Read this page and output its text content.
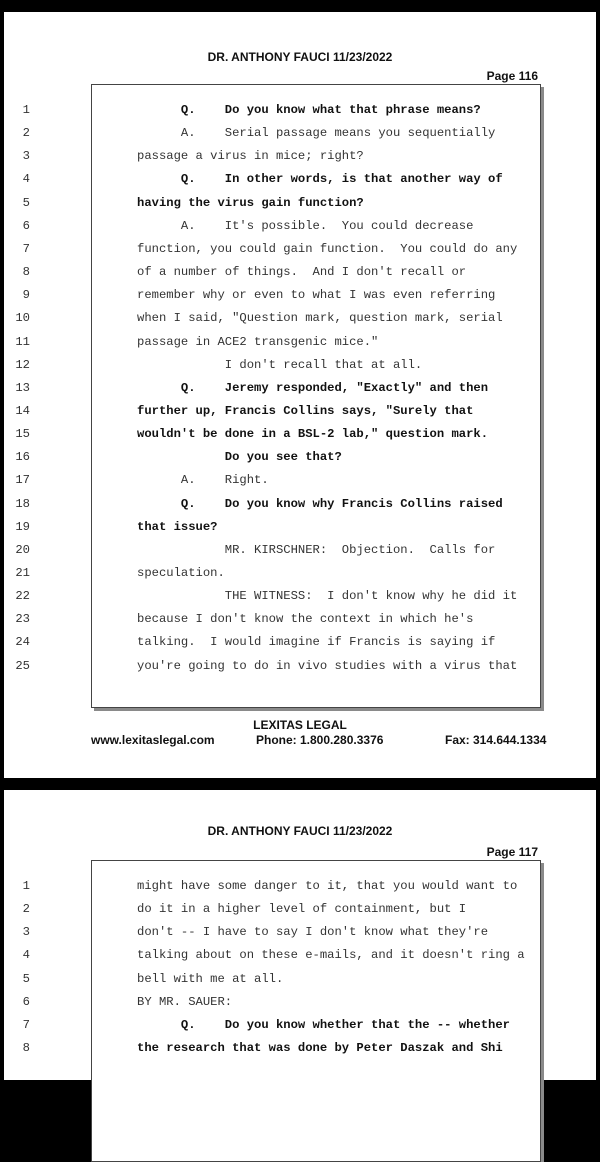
DR. ANTHONY FAUCI 11/23/2022
Page 116
1	Q.    Do you know what that phrase means?
2	A.    Serial passage means you sequentially
3	passage a virus in mice; right?
4	Q.    In other words, is that another way of
5	having the virus gain function?
6	A.    It's possible.  You could decrease
7	function, you could gain function.  You could do any
8	of a number of things.  And I don't recall or
9	remember why or even to what I was even referring
10	when I said, "Question mark, question mark, serial
11	passage in ACE2 transgenic mice."
12	I don't recall that at all.
13	Q.    Jeremy responded, "Exactly" and then
14	further up, Francis Collins says, "Surely that
15	wouldn't be done in a BSL-2 lab," question mark.
16	Do you see that?
17	A.    Right.
18	Q.    Do you know why Francis Collins raised
19	that issue?
20	MR. KIRSCHNER:  Objection.  Calls for
21	speculation.
22	THE WITNESS:  I don't know why he did it
23	because I don't know the context in which he's
24	talking.  I would imagine if Francis is saying if
25	you're going to do in vivo studies with a virus that
LEXITAS LEGAL
www.lexitaslegal.com	Phone: 1.800.280.3376	Fax: 314.644.1334
DR. ANTHONY FAUCI 11/23/2022
Page 117
1	might have some danger to it, that you would want to
2	do it in a higher level of containment, but I
3	don't -- I have to say I don't know what they're
4	talking about on these e-mails, and it doesn't ring a
5	bell with me at all.
6	BY MR. SAUER:
7	Q.    Do you know whether that the -- whether
8	the research that was done by Peter Daszak and Shi
